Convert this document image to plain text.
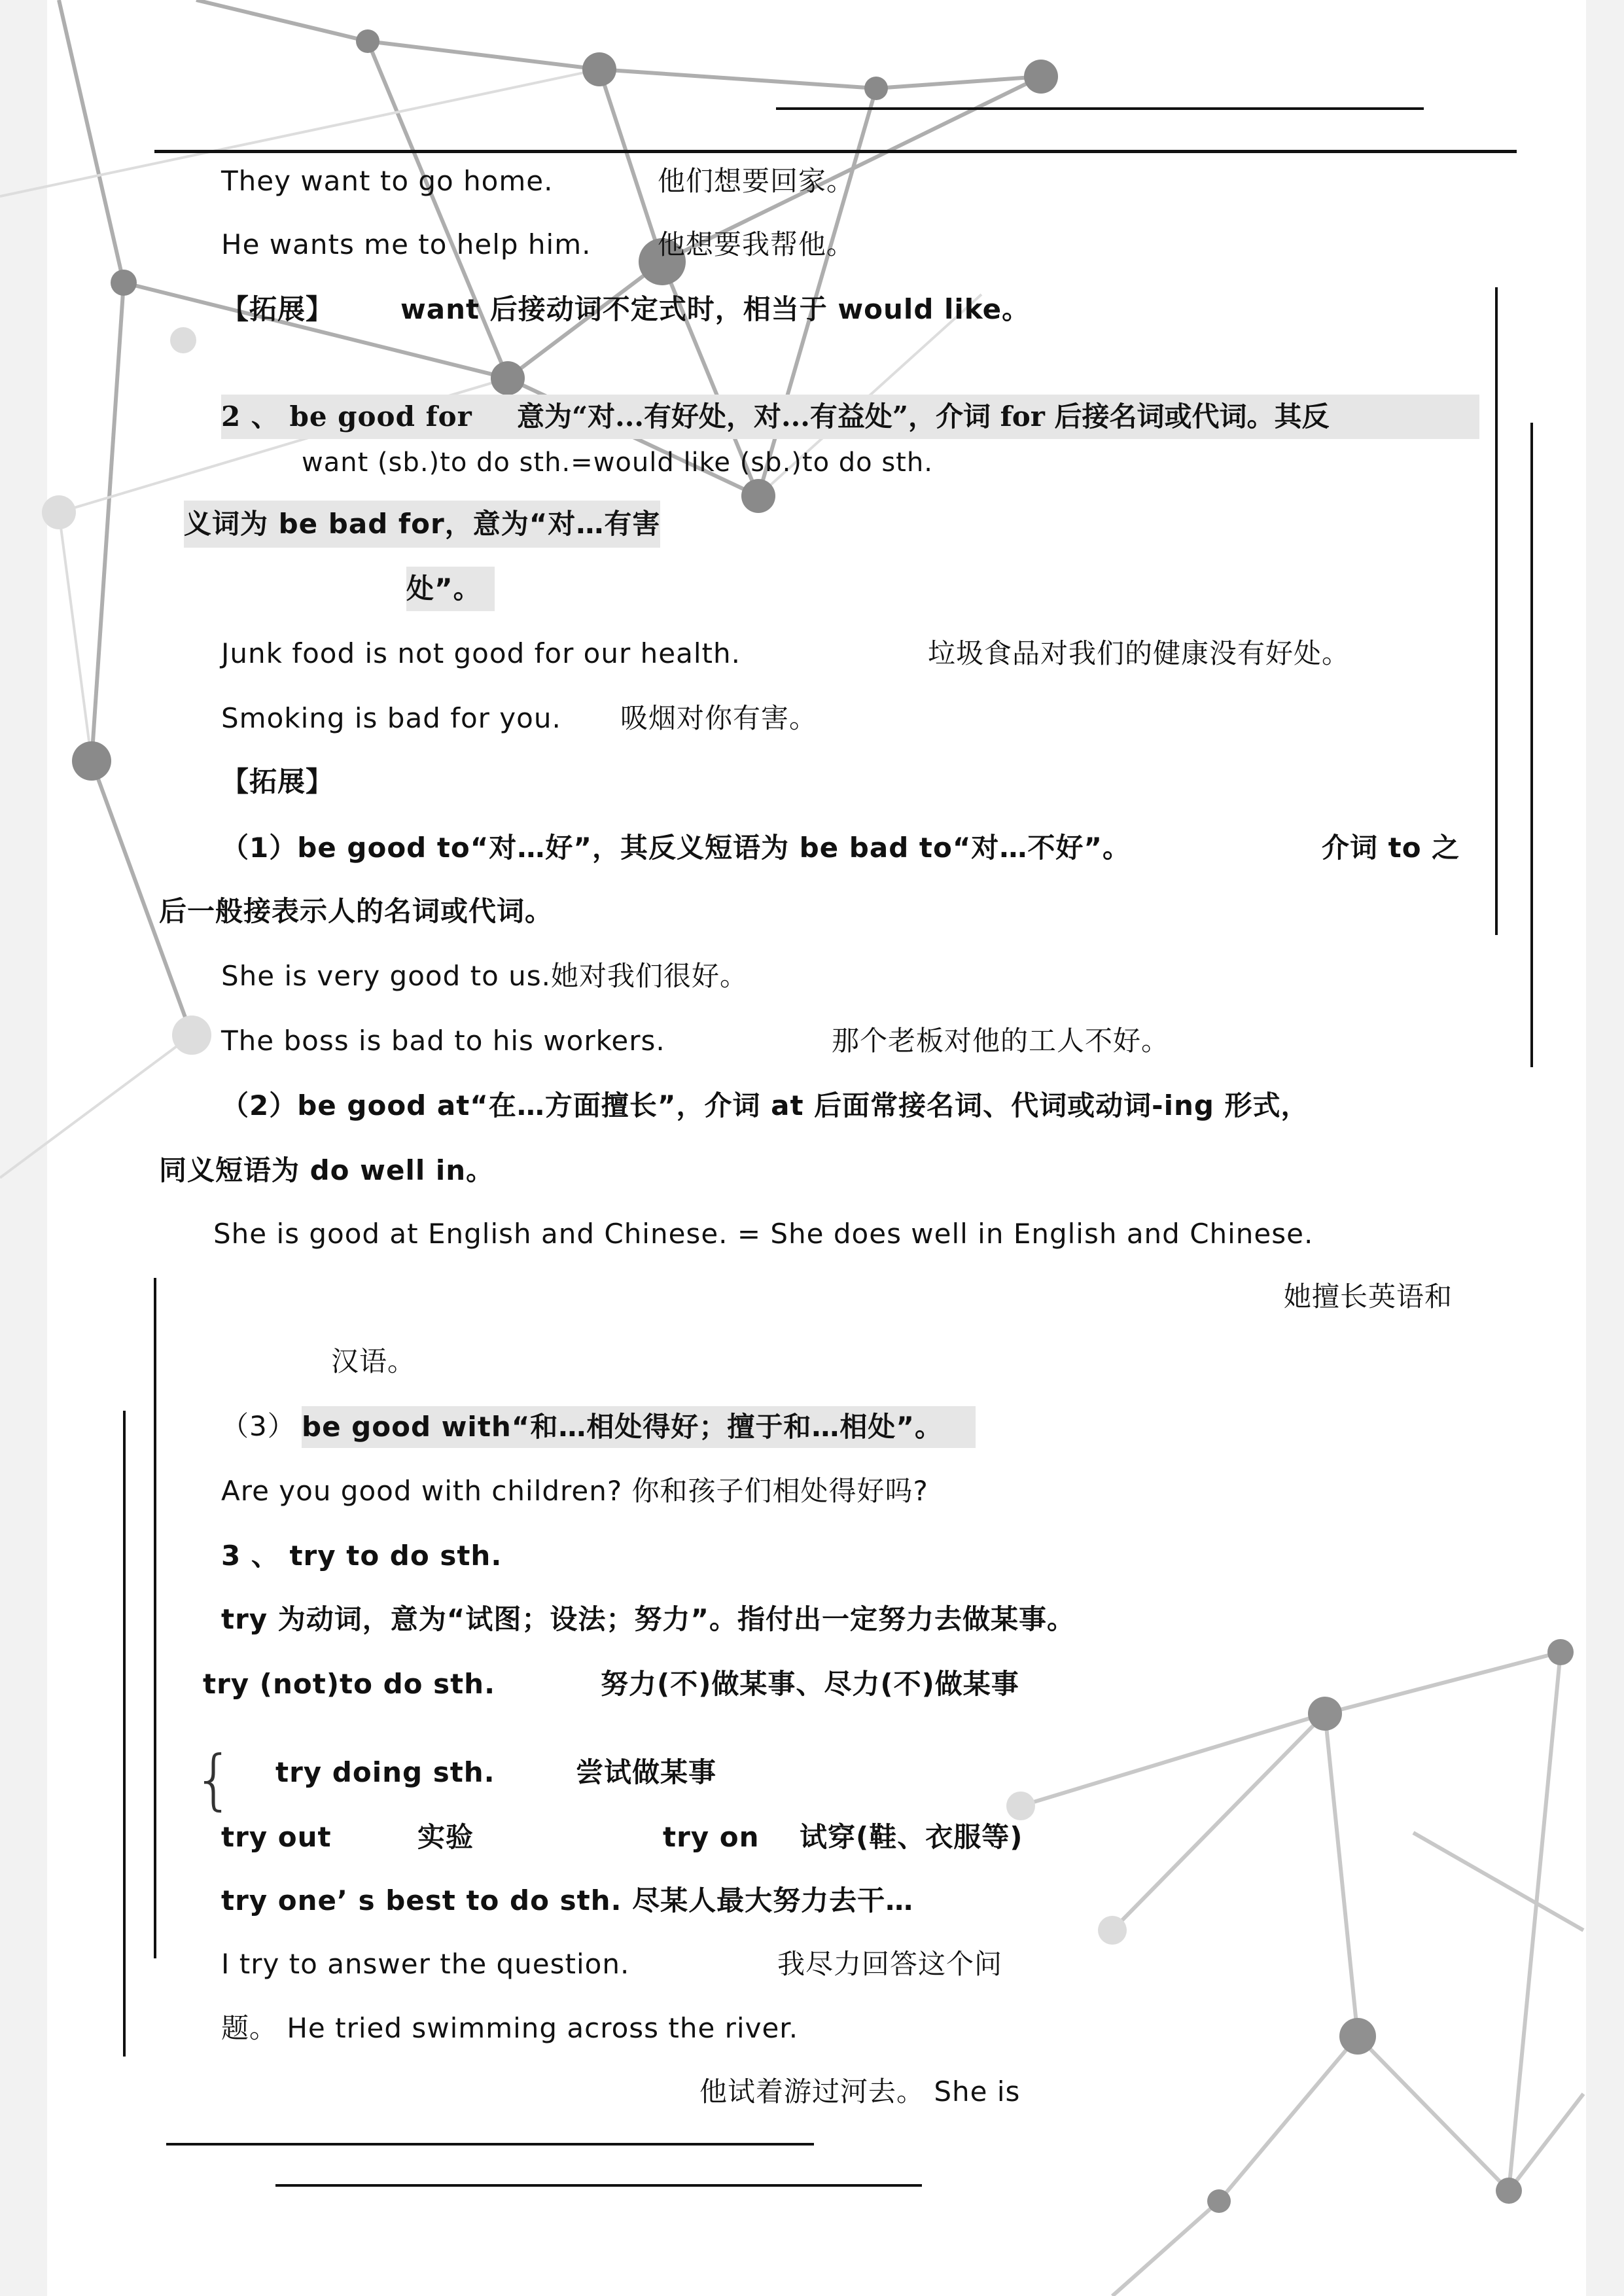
They want to go home.	他们想要回家。
He wants me to help him. 他想要我帮他。
【拓展】 want 后接动词不定式时，相当于 would like。
2 、 be good for 意为“对...有好处，对...有益处”，介词 for 后接名词或代词。其反
want (sb.)to do sth.=would like (sb.)to do sth.
义词为 be bad for，意为“对…有害
处”。
Junk food is not good for our health.	垃圾食品对我们的健康没有好处。
Smoking is bad for you. 吸烟对你有害。
【拓展】
（1）be good to“对…好”，其反义短语为 be bad to“对…不好”。	介词 to 之
后一般接表示人的名词或代词。
She is very good to us.她对我们很好。
The boss is bad to his workers.	那个老板对他的工人不好。
（2）be good at“在…方面擅长”，介词 at 后面常接名词、代词或动词-ing 形式，
同义短语为 do well in。
She is good at English and Chinese. = She does well in English and Chinese.
她擅长英语和
汉语。
（3） be good with“和…相处得好；擅于和…相处”。
Are you good with children? 你和孩子们相处得好吗?
3 、 try to do sth.
try 为动词，意为“试图；设法；努力”。指付出一定努力去做某事。
try (not)to do sth.	努力(不)做某事、尽力(不)做某事
{ try doing sth.	尝试做某事
try out	实验	try on 试穿(鞋、衣服等)
try one’ s best to do sth. 尽某人最大努力去干…
I try to answer the question.	我尽力回答这个问
题。 He tried swimming across the river.
他试着游过河去。 She is
